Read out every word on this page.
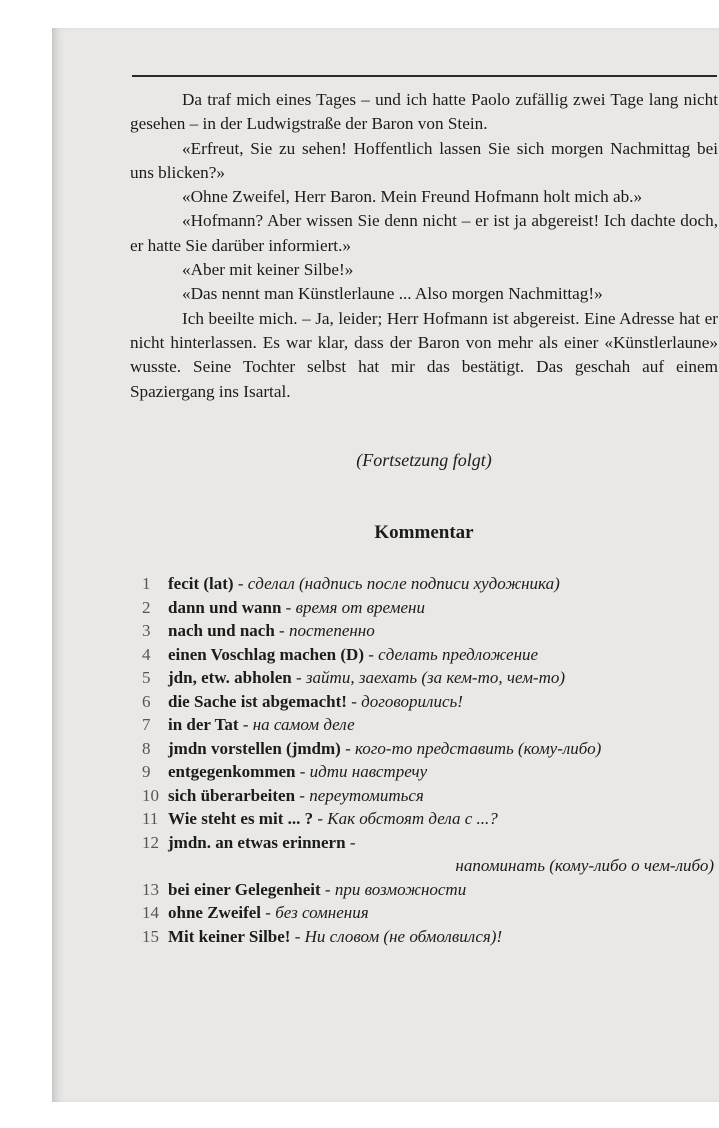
Da traf mich eines Tages – und ich hatte Paolo zufällig zwei Tage lang nicht gesehen – in der Ludwigstraße der Baron von Stein.

«Erfreut, Sie zu sehen! Hoffentlich lassen Sie sich morgen Nachmittag bei uns blicken?»

«Ohne Zweifel, Herr Baron. Mein Freund Hofmann holt mich ab.»

«Hofmann? Aber wissen Sie denn nicht – er ist ja abgereist! Ich dachte doch, er hatte Sie darüber informiert.»

«Aber mit keiner Silbe!»

«Das nennt man Künstlerlaune ... Also morgen Nachmittag!»

Ich beeilte mich. – Ja, leider; Herr Hofmann ist abgereist. Eine Adresse hat er nicht hinterlassen. Es war klar, dass der Baron von mehr als einer «Künstlerlaune» wusste. Seine Tochter selbst hat mir das bestätigt. Das geschah auf einem Spaziergang ins Isartal.

(Fortsetzung folgt)
Kommentar
1 fecit (lat) - сделал (надпись после подписи художника)
2 dann und wann - время от времени
3 nach und nach - постепенно
4 einen Voschlag machen (D) - сделать предложение
5 jdn, etw. abholen - зайти, заехать (за кем-то, чем-то)
6 die Sache ist abgemacht! - договорились!
7 in der Tat - на самом деле
8 jmdn vorstellen (jmdm) - кого-то представить (кому-либо)
9 entgegenkommen - идти навстречу
10 sich überarbeiten - переутомиться
11 Wie steht es mit ... ? - Как обстоят дела с ...?
12 jmdn. an etwas erinnern -
напоминать (кому-либо о чем-либо)
13 bei einer Gelegenheit - при возможности
14 ohne Zweifel - без сомнения
15 Mit keiner Silbe! - Ни словом (не обмолвился)!
